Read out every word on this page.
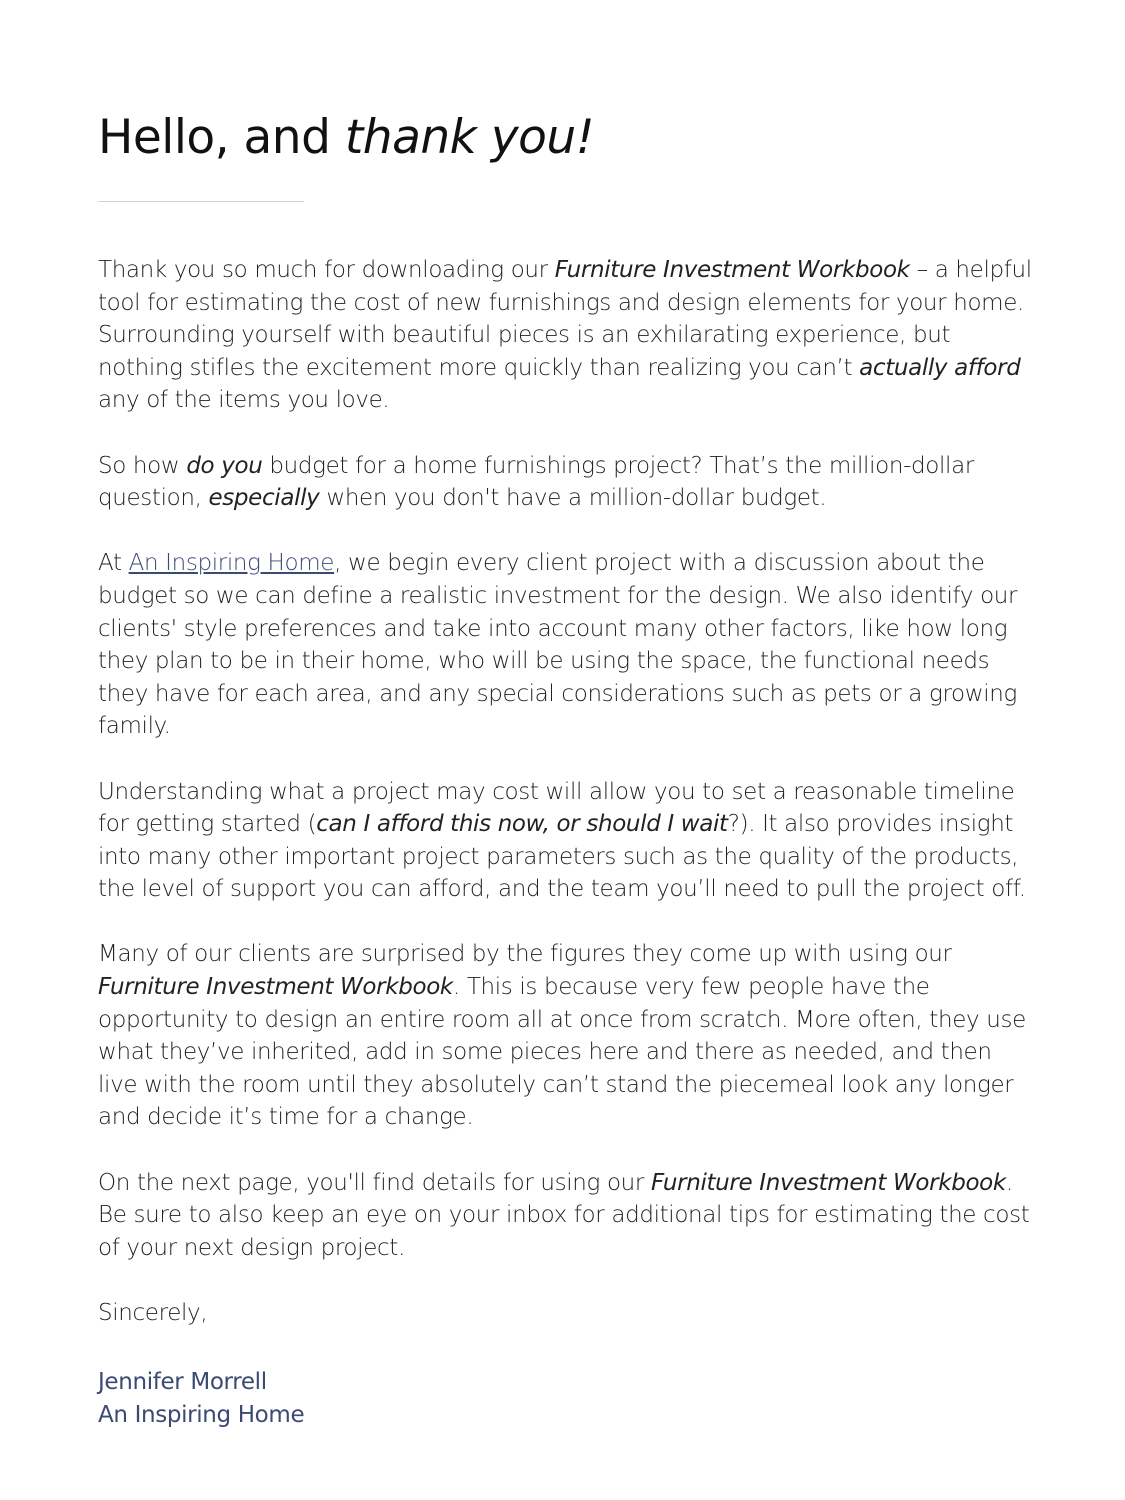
Hello, and thank you!

Thank you so much for downloading our Furniture Investment Workbook – a helpful tool for estimating the cost of new furnishings and design elements for your home. Surrounding yourself with beautiful pieces is an exhilarating experience, but nothing stifles the excitement more quickly than realizing you can’t actually afford any of the items you love.

So how do you budget for a home furnishings project? That’s the million-dollar question, especially when you don't have a million-dollar budget.

At An Inspiring Home, we begin every client project with a discussion about the budget so we can define a realistic investment for the design. We also identify our clients' style preferences and take into account many other factors, like how long they plan to be in their home, who will be using the space, the functional needs they have for each area, and any special considerations such as pets or a growing family.

Understanding what a project may cost will allow you to set a reasonable timeline for getting started (can I afford this now, or should I wait?). It also provides insight into many other important project parameters such as the quality of the products, the level of support you can afford, and the team you’ll need to pull the project off.

Many of our clients are surprised by the figures they come up with using our Furniture Investment Workbook. This is because very few people have the opportunity to design an entire room all at once from scratch. More often, they use what they’ve inherited, add in some pieces here and there as needed, and then live with the room until they absolutely can’t stand the piecemeal look any longer and decide it’s time for a change.

On the next page, you'll find details for using our Furniture Investment Workbook. Be sure to also keep an eye on your inbox for additional tips for estimating the cost of your next design project.

Sincerely,

Jennifer Morrell
An Inspiring Home
